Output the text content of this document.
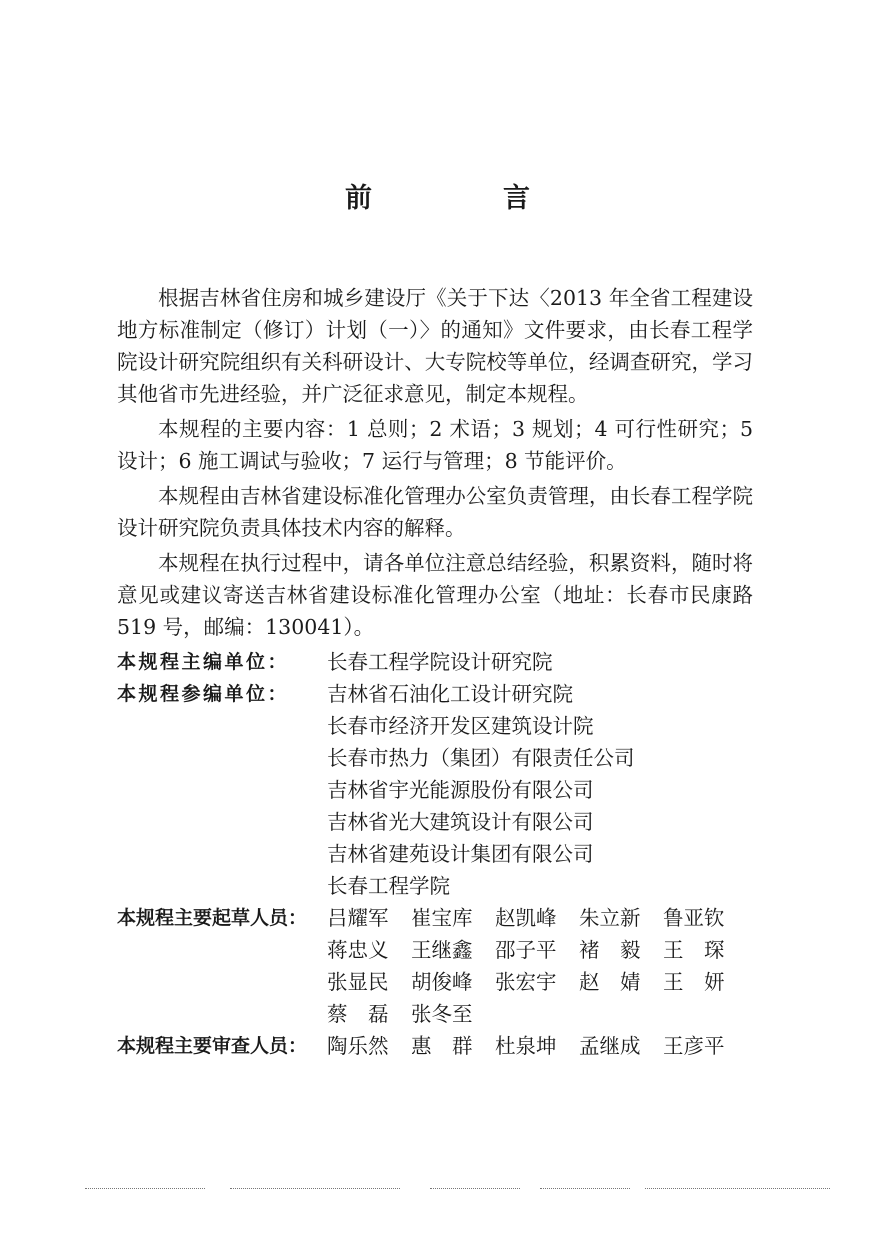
前　言

根据吉林省住房和城乡建设厅《关于下达〈2013 年全省工程建设地方标准制定（修订）计划（一）〉的通知》文件要求，由长春工程学院设计研究院组织有关科研设计、大专院校等单位，经调查研究，学习其他省市先进经验，并广泛征求意见，制定本规程。

本规程的主要内容：1 总则；2 术语；3 规划；4 可行性研究；5 设计；6 施工调试与验收；7 运行与管理；8 节能评价。

本规程由吉林省建设标准化管理办公室负责管理，由长春工程学院设计研究院负责具体技术内容的解释。

本规程在执行过程中，请各单位注意总结经验，积累资料，随时将意见或建议寄送吉林省建设标准化管理办公室（地址：长春市民康路 519 号，邮编：130041）。

本规程主编单位：	长春工程学院设计研究院
本规程参编单位：	吉林省石油化工设计研究院
长春市经济开发区建筑设计院
长春市热力（集团）有限责任公司
吉林省宇光能源股份有限公司
吉林省光大建筑设计有限公司
吉林省建苑设计集团有限公司
长春工程学院
本规程主要起草人员： 吕耀军	崔宝库	赵凯峰	朱立新	鲁亚钦
蒋忠义	王继鑫	邵子平	褚　毅	王　琛
张显民	胡俊峰	张宏宇	赵　婧	王　妍
蔡　磊	张冬至
本规程主要审查人员： 陶乐然	惠　群	杜泉坤	孟继成	王彦平
